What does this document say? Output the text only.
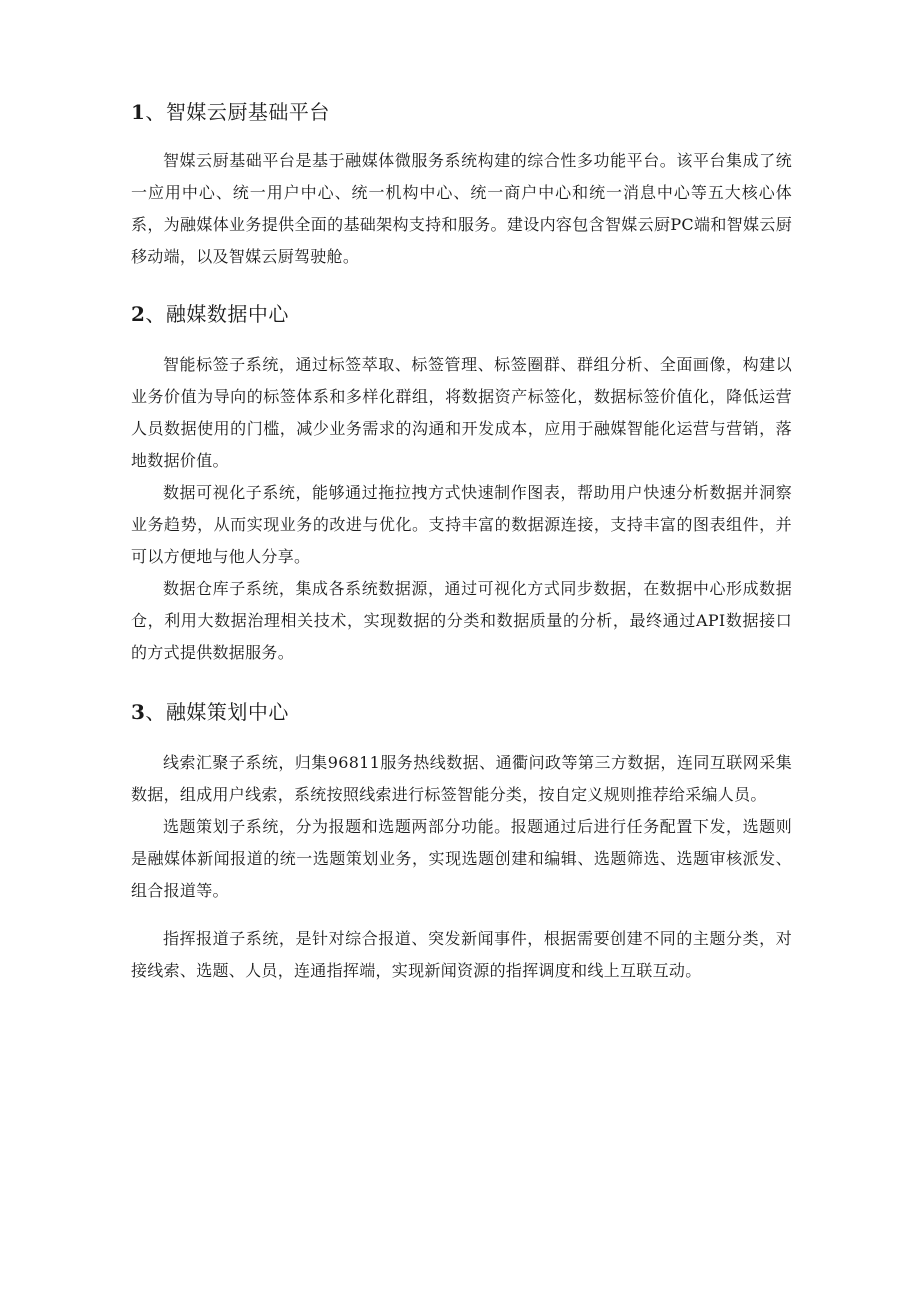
1、智媒云厨基础平台

智媒云厨基础平台是基于融媒体微服务系统构建的综合性多功能平台。该平台集成了统一应用中心、统一用户中心、统一机构中心、统一商户中心和统一消息中心等五大核心体系，为融媒体业务提供全面的基础架构支持和服务。建设内容包含智媒云厨PC端和智媒云厨移动端，以及智媒云厨驾驶舱。

2、融媒数据中心

智能标签子系统，通过标签萃取、标签管理、标签圈群、群组分析、全面画像，构建以业务价值为导向的标签体系和多样化群组，将数据资产标签化，数据标签价值化，降低运营人员数据使用的门槛，减少业务需求的沟通和开发成本，应用于融媒智能化运营与营销，落地数据价值。

数据可视化子系统，能够通过拖拉拽方式快速制作图表，帮助用户快速分析数据并洞察业务趋势，从而实现业务的改进与优化。支持丰富的数据源连接，支持丰富的图表组件，并可以方便地与他人分享。

数据仓库子系统，集成各系统数据源，通过可视化方式同步数据，在数据中心形成数据仓，利用大数据治理相关技术，实现数据的分类和数据质量的分析，最终通过API数据接口的方式提供数据服务。

3、融媒策划中心

线索汇聚子系统，归集96811服务热线数据、通衢问政等第三方数据，连同互联网采集数据，组成用户线索，系统按照线索进行标签智能分类，按自定义规则推荐给采编人员。

选题策划子系统，分为报题和选题两部分功能。报题通过后进行任务配置下发，选题则是融媒体新闻报道的统一选题策划业务，实现选题创建和编辑、选题筛选、选题审核派发、组合报道等。

指挥报道子系统，是针对综合报道、突发新闻事件，根据需要创建不同的主题分类，对接线索、选题、人员，连通指挥端，实现新闻资源的指挥调度和线上互联互动。
